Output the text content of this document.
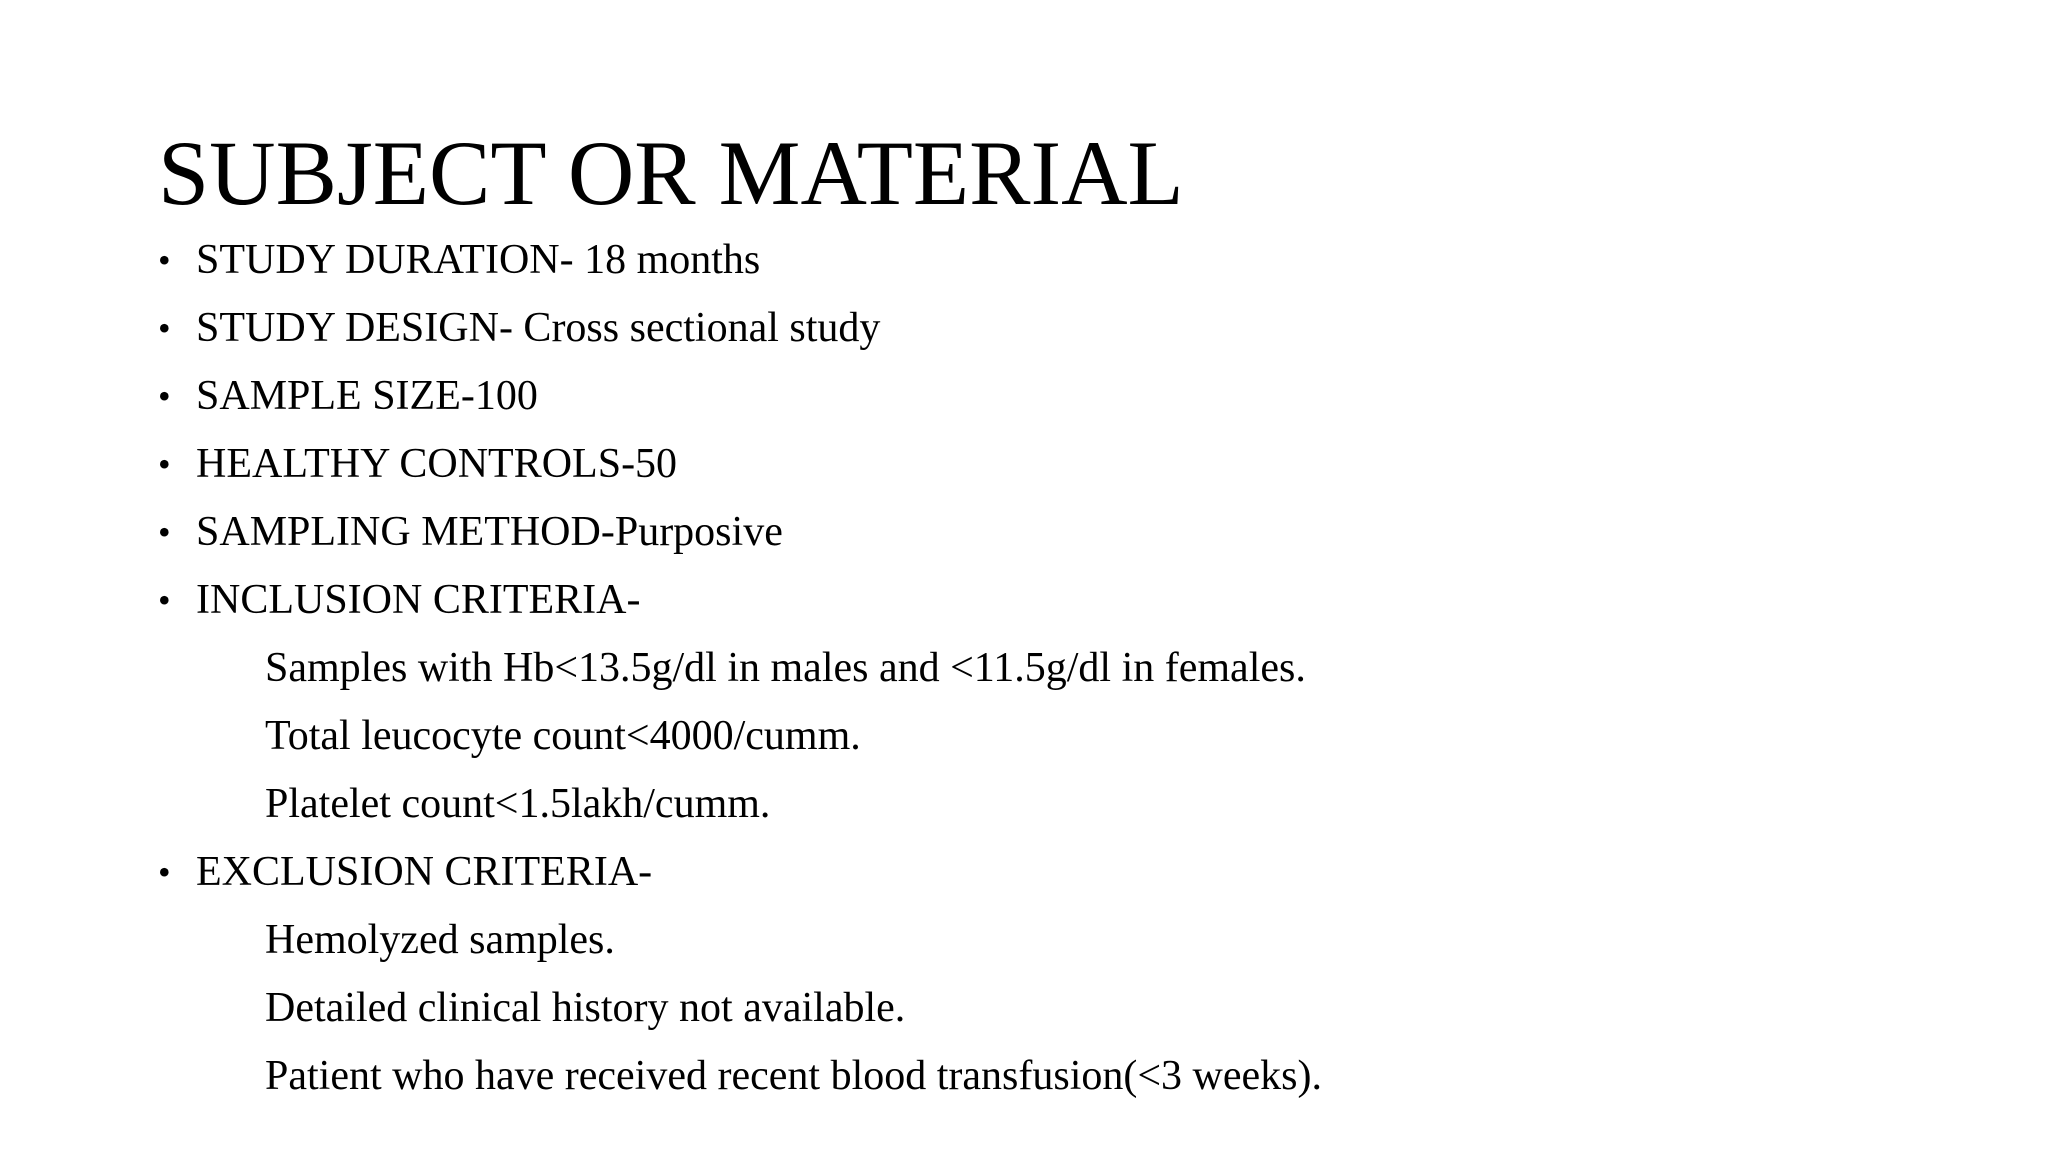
SUBJECT OR MATERIAL
• STUDY DURATION- 18 months
• STUDY DESIGN- Cross sectional study
• SAMPLE SIZE-100
• HEALTHY CONTROLS-50
• SAMPLING METHOD-Purposive
• INCLUSION CRITERIA-
Samples with Hb<13.5g/dl in males and <11.5g/dl in females.
Total leucocyte count<4000/cumm.
Platelet count<1.5lakh/cumm.
• EXCLUSION CRITERIA-
Hemolyzed samples.
Detailed clinical history not available.
Patient who have received recent blood transfusion(<3 weeks).
